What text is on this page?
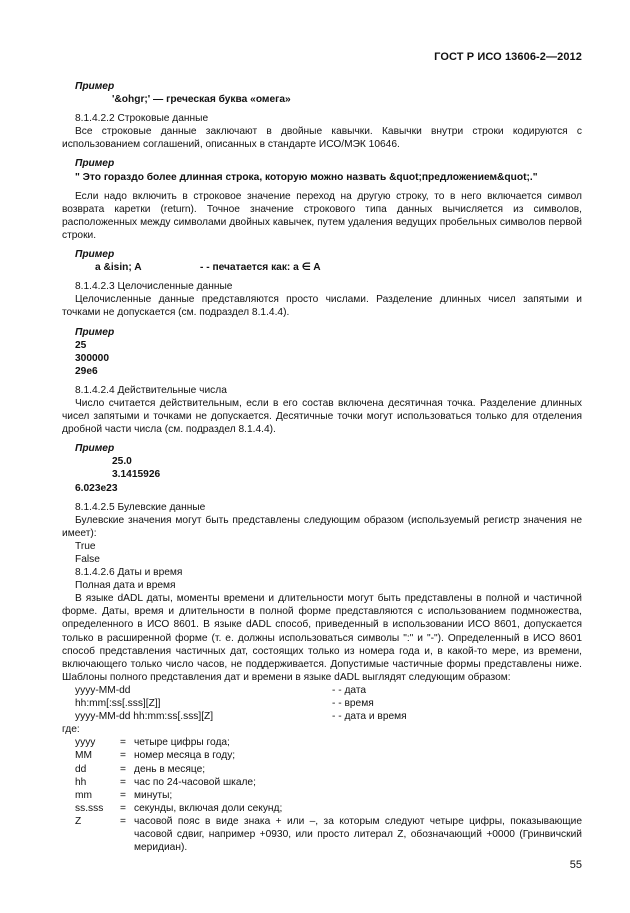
ГОСТ Р ИСО 13606-2—2012
Пример
'&ohgr;' — греческая буква «омега»
8.1.4.2.2 Строковые данные

Все строковые данные заключают в двойные кавычки. Кавычки внутри строки кодируются с использованием соглашений, описанных в стандарте ИСО/МЭК 10646.

Пример
" Это гораздо более длинная строка, которую можно назвать &quot;предложением&quot;."

Если надо включить в строковое значение переход на другую строку, то в него включается символ возврата каретки (return). Точное значение строкового типа данных вычисляется из символов, расположенных между символами двойных кавычек, путем удаления ведущих пробельных символов первой строки.

Пример
a &isin; A	- - печатается как: a ∈ A
8.1.4.2.3 Целочисленные данные

Целочисленные данные представляются просто числами. Разделение длинных чисел запятыми и точками не допускается (см. подраздел 8.1.4.4).

Пример
25
300000
29e6
8.1.4.2.4 Действительные числа

Число считается действительным, если в его состав включена десятичная точка. Разделение длинных чисел запятыми и точками не допускается. Десятичные точки могут использоваться только для отделения дробной части числа (см. подраздел 8.1.4.4).

Пример
25.0
3.1415926
6.023e23
8.1.4.2.5 Булевские данные

Булевские значения могут быть представлены следующим образом (используемый регистр значения не имеет):

True
False
8.1.4.2.6 Даты и время
Полная дата и время

В языке dADL даты, моменты времени и длительности могут быть представлены в полной и частичной форме. Даты, время и длительности в полной форме представляются с использованием подмножества, определенного в ИСО 8601. В языке dADL способ, приведенный в использовании ИСО 8601, допускается только в расширенной форме (т. е. должны использоваться символы ":" и "-"). Определенный в ИСО 8601 способ представления частичных дат, состоящих только из номера года и, в какой-то мере, из времени, включающего только число часов, не поддерживается. Допустимые частичные формы представлены ниже. Шаблоны полного представления дат и времени в языке dADL выглядят следующим образом:

yyyy-MM-dd	- - дата
hh:mm[:ss[.sss][Z]]	- - время
yyyy-MM-dd hh:mm:ss[.sss][Z]	- - дата и время
где:
yyyy	= четыре цифры года;
MM	= номер месяца в году;
dd	= день в месяце;
hh	= час по 24-часовой шкале;
mm	= минуты;
ss.sss	= секунды, включая доли секунд;
Z	= часовой пояс в виде знака + или –, за которым следуют четыре цифры, показывающие часовой сдвиг, например +0930, или просто литерал Z, обозначающий +0000 (Гринвичский меридиан).
55
